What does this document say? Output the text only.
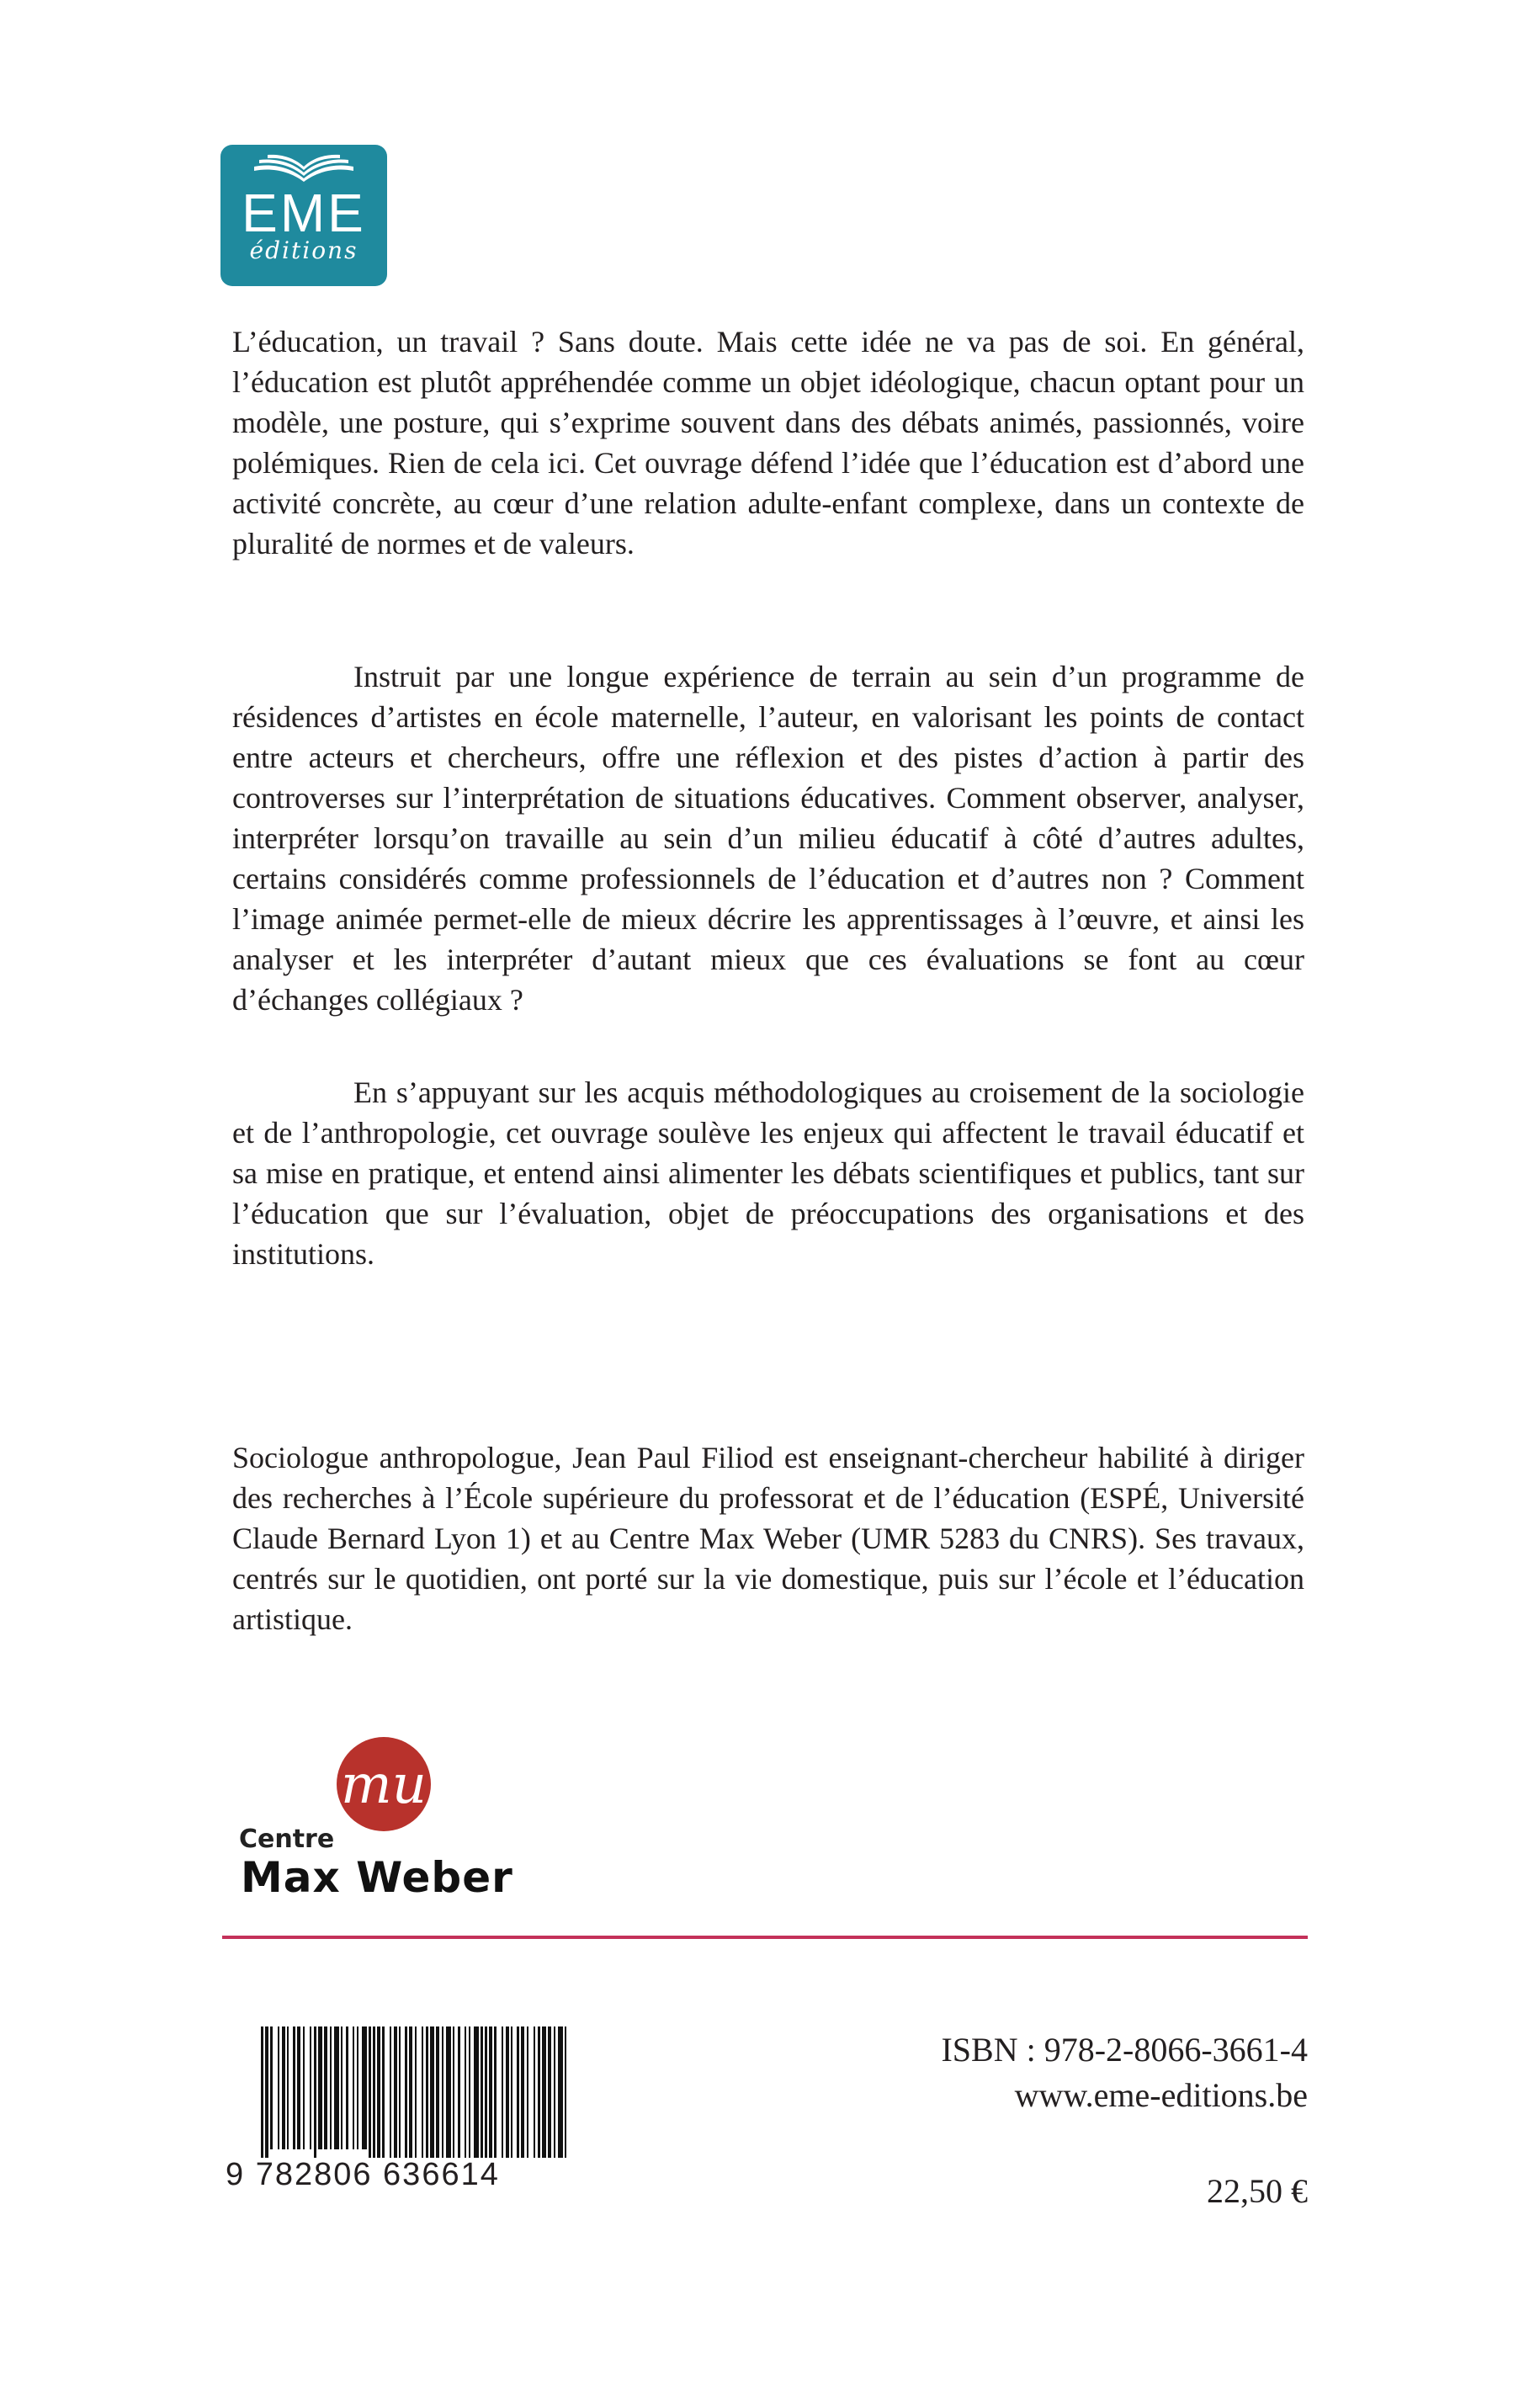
EME
éditions

L’éducation, un travail ? Sans doute. Mais cette idée ne va pas de soi. En général, l’éducation est plutôt appréhendée comme un objet idéologique, chacun optant pour un modèle, une posture, qui s’exprime souvent dans des débats animés, passionnés, voire polémiques. Rien de cela ici. Cet ouvrage défend l’idée que l’éducation est d’abord une activité concrète, au cœur d’une relation adulte-enfant complexe, dans un contexte de pluralité de normes et de valeurs.

Instruit par une longue expérience de terrain au sein d’un programme de résidences d’artistes en école maternelle, l’auteur, en valorisant les points de contact entre acteurs et chercheurs, offre une réflexion et des pistes d’action à partir des controverses sur l’interprétation de situations éducatives. Comment observer, analyser, interpréter lorsqu’on travaille au sein d’un milieu éducatif à côté d’autres adultes, certains considérés comme professionnels de l’éducation et d’autres non ? Comment l’image animée permet-elle de mieux décrire les apprentissages à l’œuvre, et ainsi les analyser et les interpréter d’autant mieux que ces évaluations se font au cœur d’échanges collégiaux ?

En s’appuyant sur les acquis méthodologiques au croisement de la sociologie et de l’anthropologie, cet ouvrage soulève les enjeux qui affectent le travail éducatif et sa mise en pratique, et entend ainsi alimenter les débats scientifiques et publics, tant sur l’éducation que sur l’évaluation, objet de préoccupations des organisations et des institutions.

Sociologue anthropologue, Jean Paul Filiod est enseignant-chercheur habilité à diriger des recherches à l’École supérieure du professorat et de l’éducation (ESPÉ, Université Claude Bernard Lyon 1) et au Centre Max Weber (UMR 5283 du CNRS). Ses travaux, centrés sur le quotidien, ont porté sur la vie domestique, puis sur l’école et l’éducation artistique.

mu
Centre
Max Weber
9 782806 636614
ISBN : 978-2-8066-3661-4
www.eme-editions.be
22,50 €
